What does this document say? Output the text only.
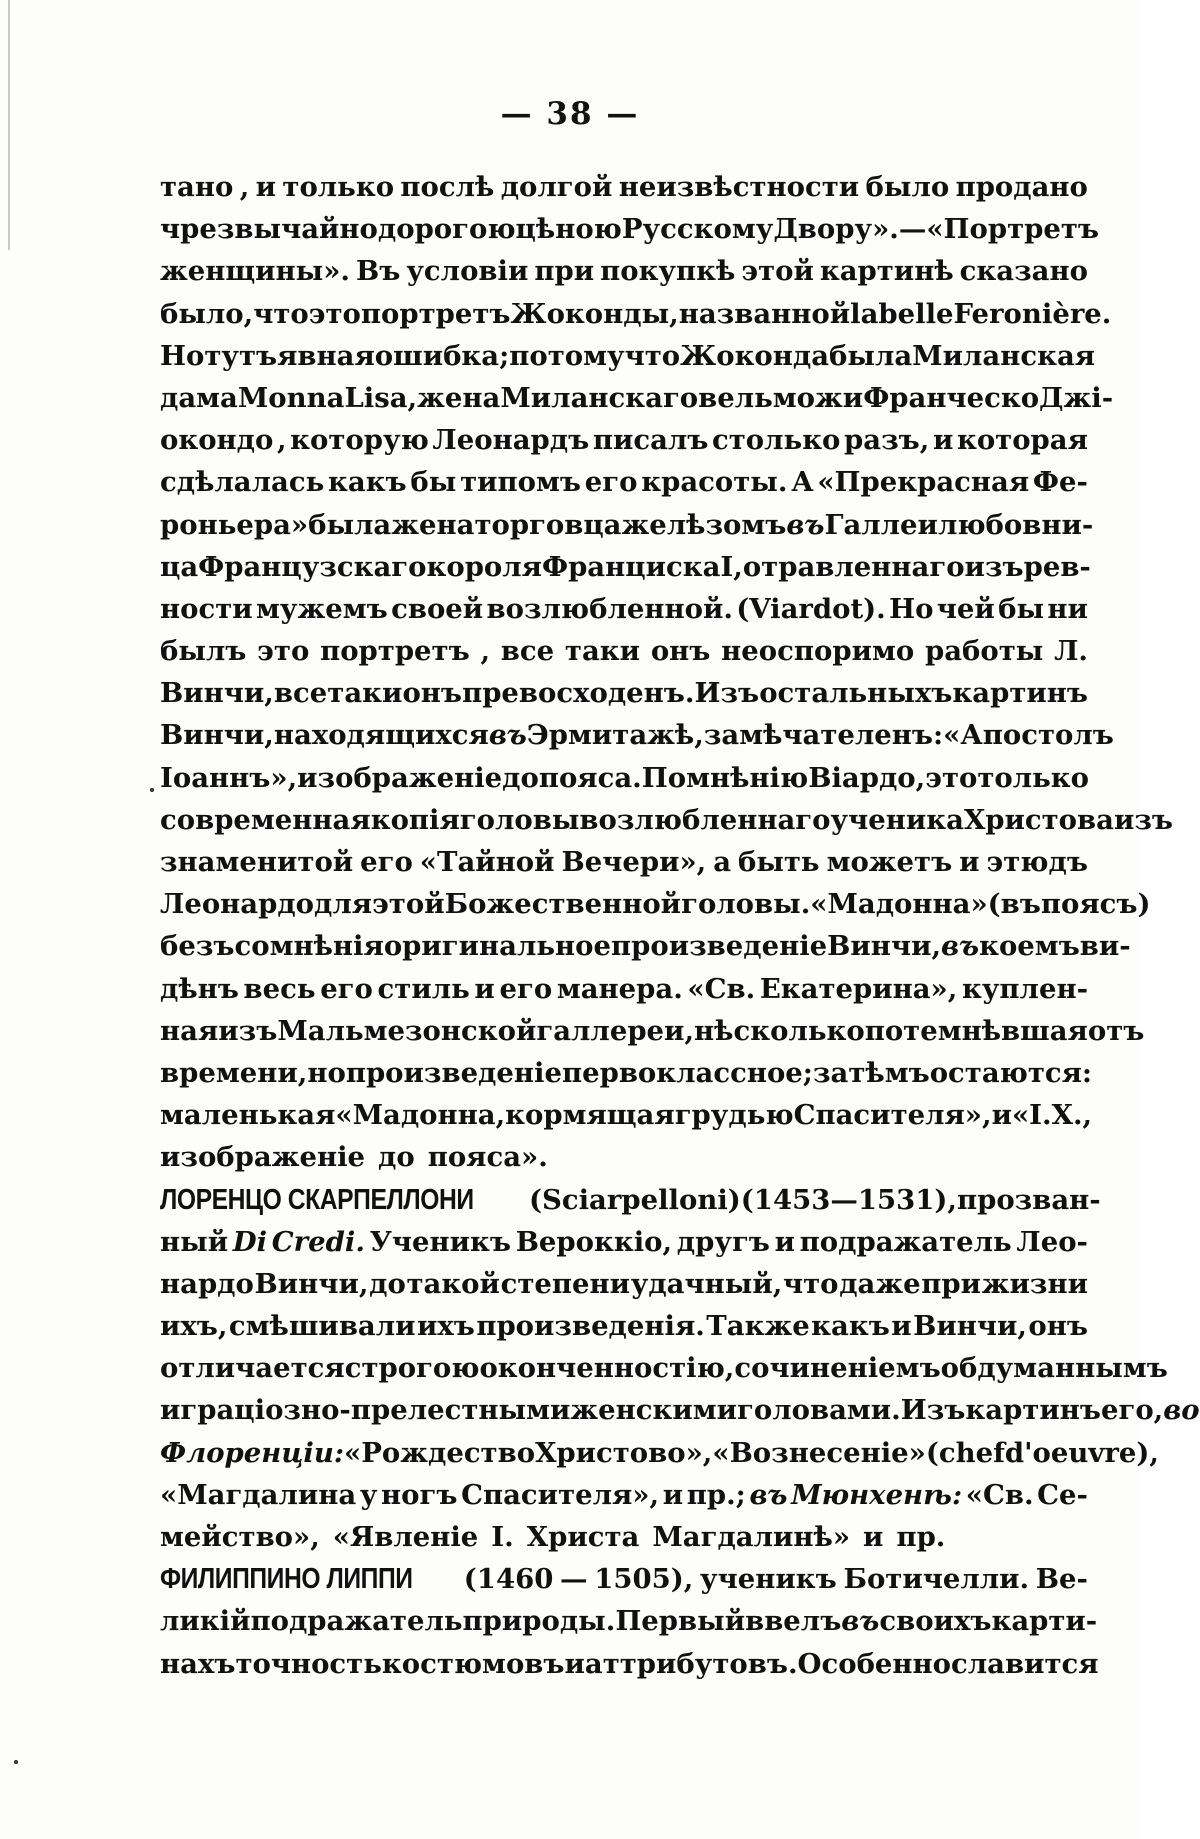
— 38 —
тано , и только послѣ долгой неизвѣстности было продано
чрезвычайно дорогою цѣною Русскому Двору». — «Портретъ
женщины». Въ условіи при покупкѣ этой картинѣ сказано
было, что это портретъ Жоконды, названной la belle Feronière.
Но тутъ явная ошибка; потому что Жоконда была Миланская
дама Monna Lisa, жена Миланскаго вельможи Франческо Джі-
окондо , которую Леонардъ писалъ столько разъ, и которая
сдѣлалась какъ бы типомъ его красоты. А «Прекрасная Фе-
роньера» была жена торговца желѣзомъ въ Галле и любовни-
ца Французскаго короля Франциска I, отравленнаго изъ рев-
ности мужемъ своей возлюбленной. (Viardot). Но чей бы ни
былъ это портретъ , все таки онъ неоспоримо работы Л.
Винчи, все таки онъ превосходенъ. Изъ остальныхъ картинъ
Винчи, находящихся въ Эрмитажѣ, замѣчателенъ: «Апостолъ
Іоаннъ», изображеніе до пояса. По мнѣнію Віардо, это только
современная копія головы возлюбленнаго ученика Христова изъ
знаменитой его «Тайной Вечери», а быть можетъ и этюдъ
Леонардо для этой Божественной головы. «Мадонна» (въ поясъ)
безъ сомнѣнія оригинальное произведеніе Винчи, въ коемъ ви-
дѣнъ весь его стиль и его манера. «Св. Екатерина», куплен-
ная изъ Мальмезонской галлереи, нѣсколько потемнѣвшая отъ
времени, но произведеніе первоклассное ; за тѣмъ остаются:
маленькая «Мадонна, кормящая грудью Спасителя», и «I. X.,
изображеніе до пояса».
ЛОРЕНЦО СКАРПЕЛЛОНИ (Sciarpelloni) (1453—1531), прозван-
ный Di Credi. Ученикъ Вероккіо, другъ и подражатель Лео-
нардо Винчи, до такой степени удачный, что даже при жизни
ихъ, смѣшивали ихъ произведенія. Также какъ и Винчи, онъ
отличается строгою оконченностію, сочиненіемъ обдуманнымъ
и граціозно-прелестными женскими головами. Изъ картинъ его, во
Флоренціи: «Рождество Христово», «Вознесеніе» (chef d'oeuvre),
«Магдалина у ногъ Спасителя», и пр.; въ Мюнхенѣ: «Св. Се-
мейство», «Явленіе I. Христа Магдалинѣ» и пр.
ФИЛИППИНО ЛИППИ (1460 — 1505), ученикъ Ботичелли. Ве-
ликій подражатель природы. Первый ввелъ въ своихъ карти-
нахъ точность костюмовъ и аттрибутовъ. Особенно славится
